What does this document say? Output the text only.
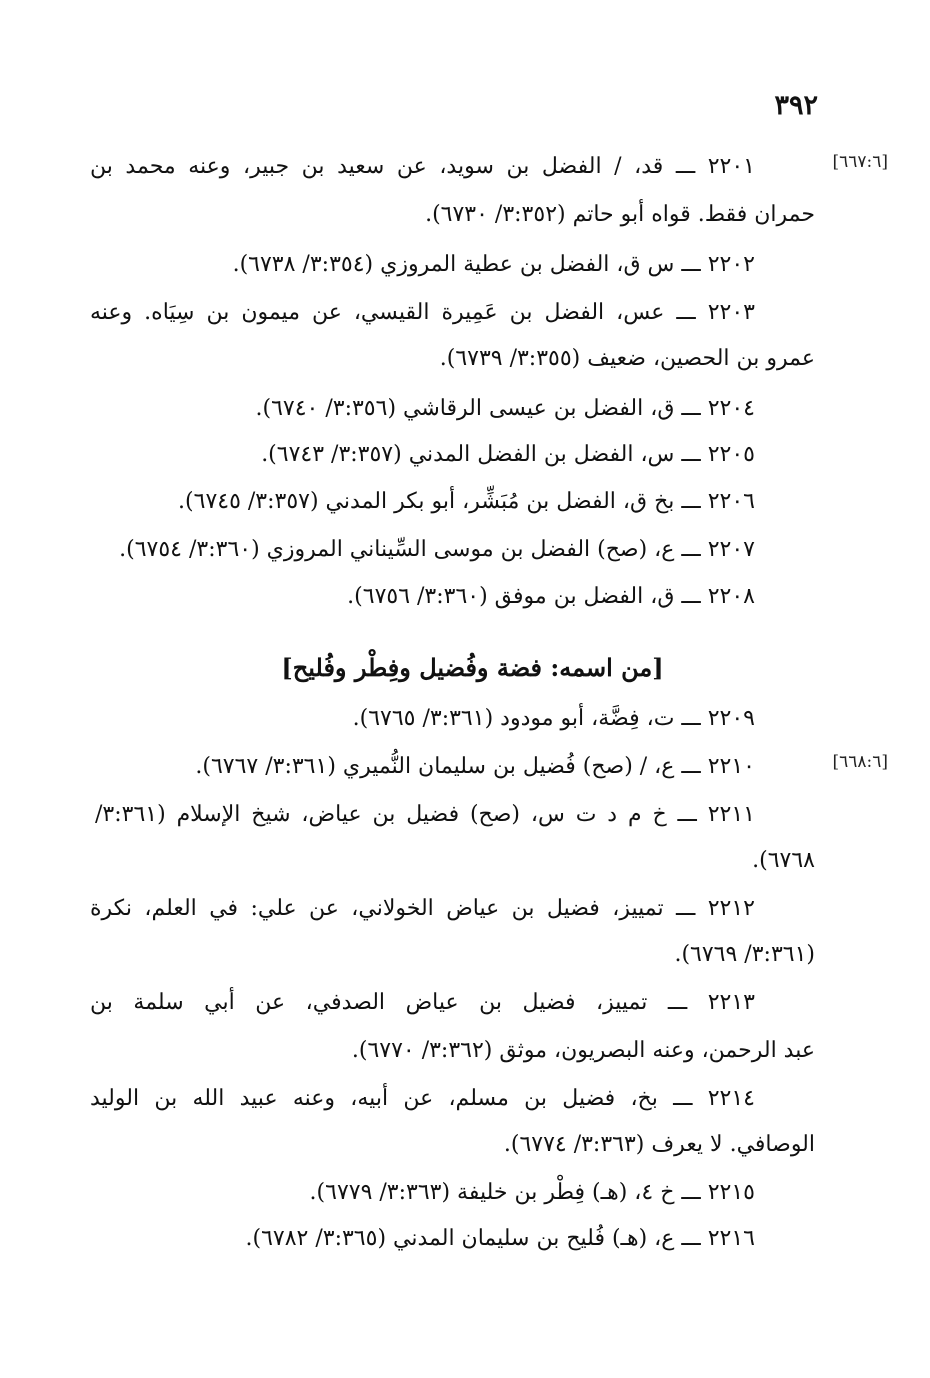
٣٩٢
[٦٦٧:٦]
[٦٦٨:٦]
٢٢٠١ ـــ قد، / الفضل بن سويد، عن سعيد بن جبير، وعنه محمد بن
حمران فقط. قواه أبو حاتم (٣:٣٥٢/ ٦٧٣٠).
٢٢٠٢ ـــ س ق، الفضل بن عطية المروزي (٣:٣٥٤/ ٦٧٣٨).
٢٢٠٣ ـــ عس، الفضل بن عَمِيرة القيسي، عن ميمون بن سِيَاه. وعنه
عمرو بن الحصين، ضعيف (٣:٣٥٥/ ٦٧٣٩).
٢٢٠٤ ـــ ق، الفضل بن عيسى الرقاشي (٣:٣٥٦/ ٦٧٤٠).
٢٢٠٥ ـــ س، الفضل بن الفضل المدني (٣:٣٥٧/ ٦٧٤٣).
٢٢٠٦ ـــ بخ ق، الفضل بن مُبَشِّر، أبو بكر المدني (٣:٣٥٧/ ٦٧٤٥).
٢٢٠٧ ـــ ع، (صح) الفضل بن موسى السِّيناني المروزي (٣:٣٦٠/ ٦٧٥٤).
٢٢٠٨ ـــ ق، الفضل بن موفق (٣:٣٦٠/ ٦٧٥٦).
[من اسمه: فضة وفُضيل وفِطْر وفُليح]
٢٢٠٩ ـــ ت، فِضَّة، أبو مودود (٣:٣٦١/ ٦٧٦٥).
٢٢١٠ ـــ ع، / (صح) فُضيل بن سليمان النُّميري (٣:٣٦١/ ٦٧٦٧).
٢٢١١ ـــ خ م د ت س، (صح) فضيل بن عياض، شيخ الإسلام (٣:٣٦١/
٦٧٦٨).
٢٢١٢ ـــ تمييز، فضيل بن عياض الخولاني، عن علي: في العلم، نكرة
(٣:٣٦١/ ٦٧٦٩).
٢٢١٣ ـــ تمييز، فضيل بن عياض الصدفي، عن أبي سلمة بن
عبد الرحمن، وعنه البصريون، موثق (٣:٣٦٢/ ٦٧٧٠).
٢٢١٤ ـــ بخ، فضيل بن مسلم، عن أبيه، وعنه عبيد الله بن الوليد
الوصافي. لا يعرف (٣:٣٦٣/ ٦٧٧٤).
٢٢١٥ ـــ خ ٤، (هـ) فِطْر بن خليفة (٣:٣٦٣/ ٦٧٧٩).
٢٢١٦ ـــ ع، (هـ) فُليح بن سليمان المدني (٣:٣٦٥/ ٦٧٨٢).
